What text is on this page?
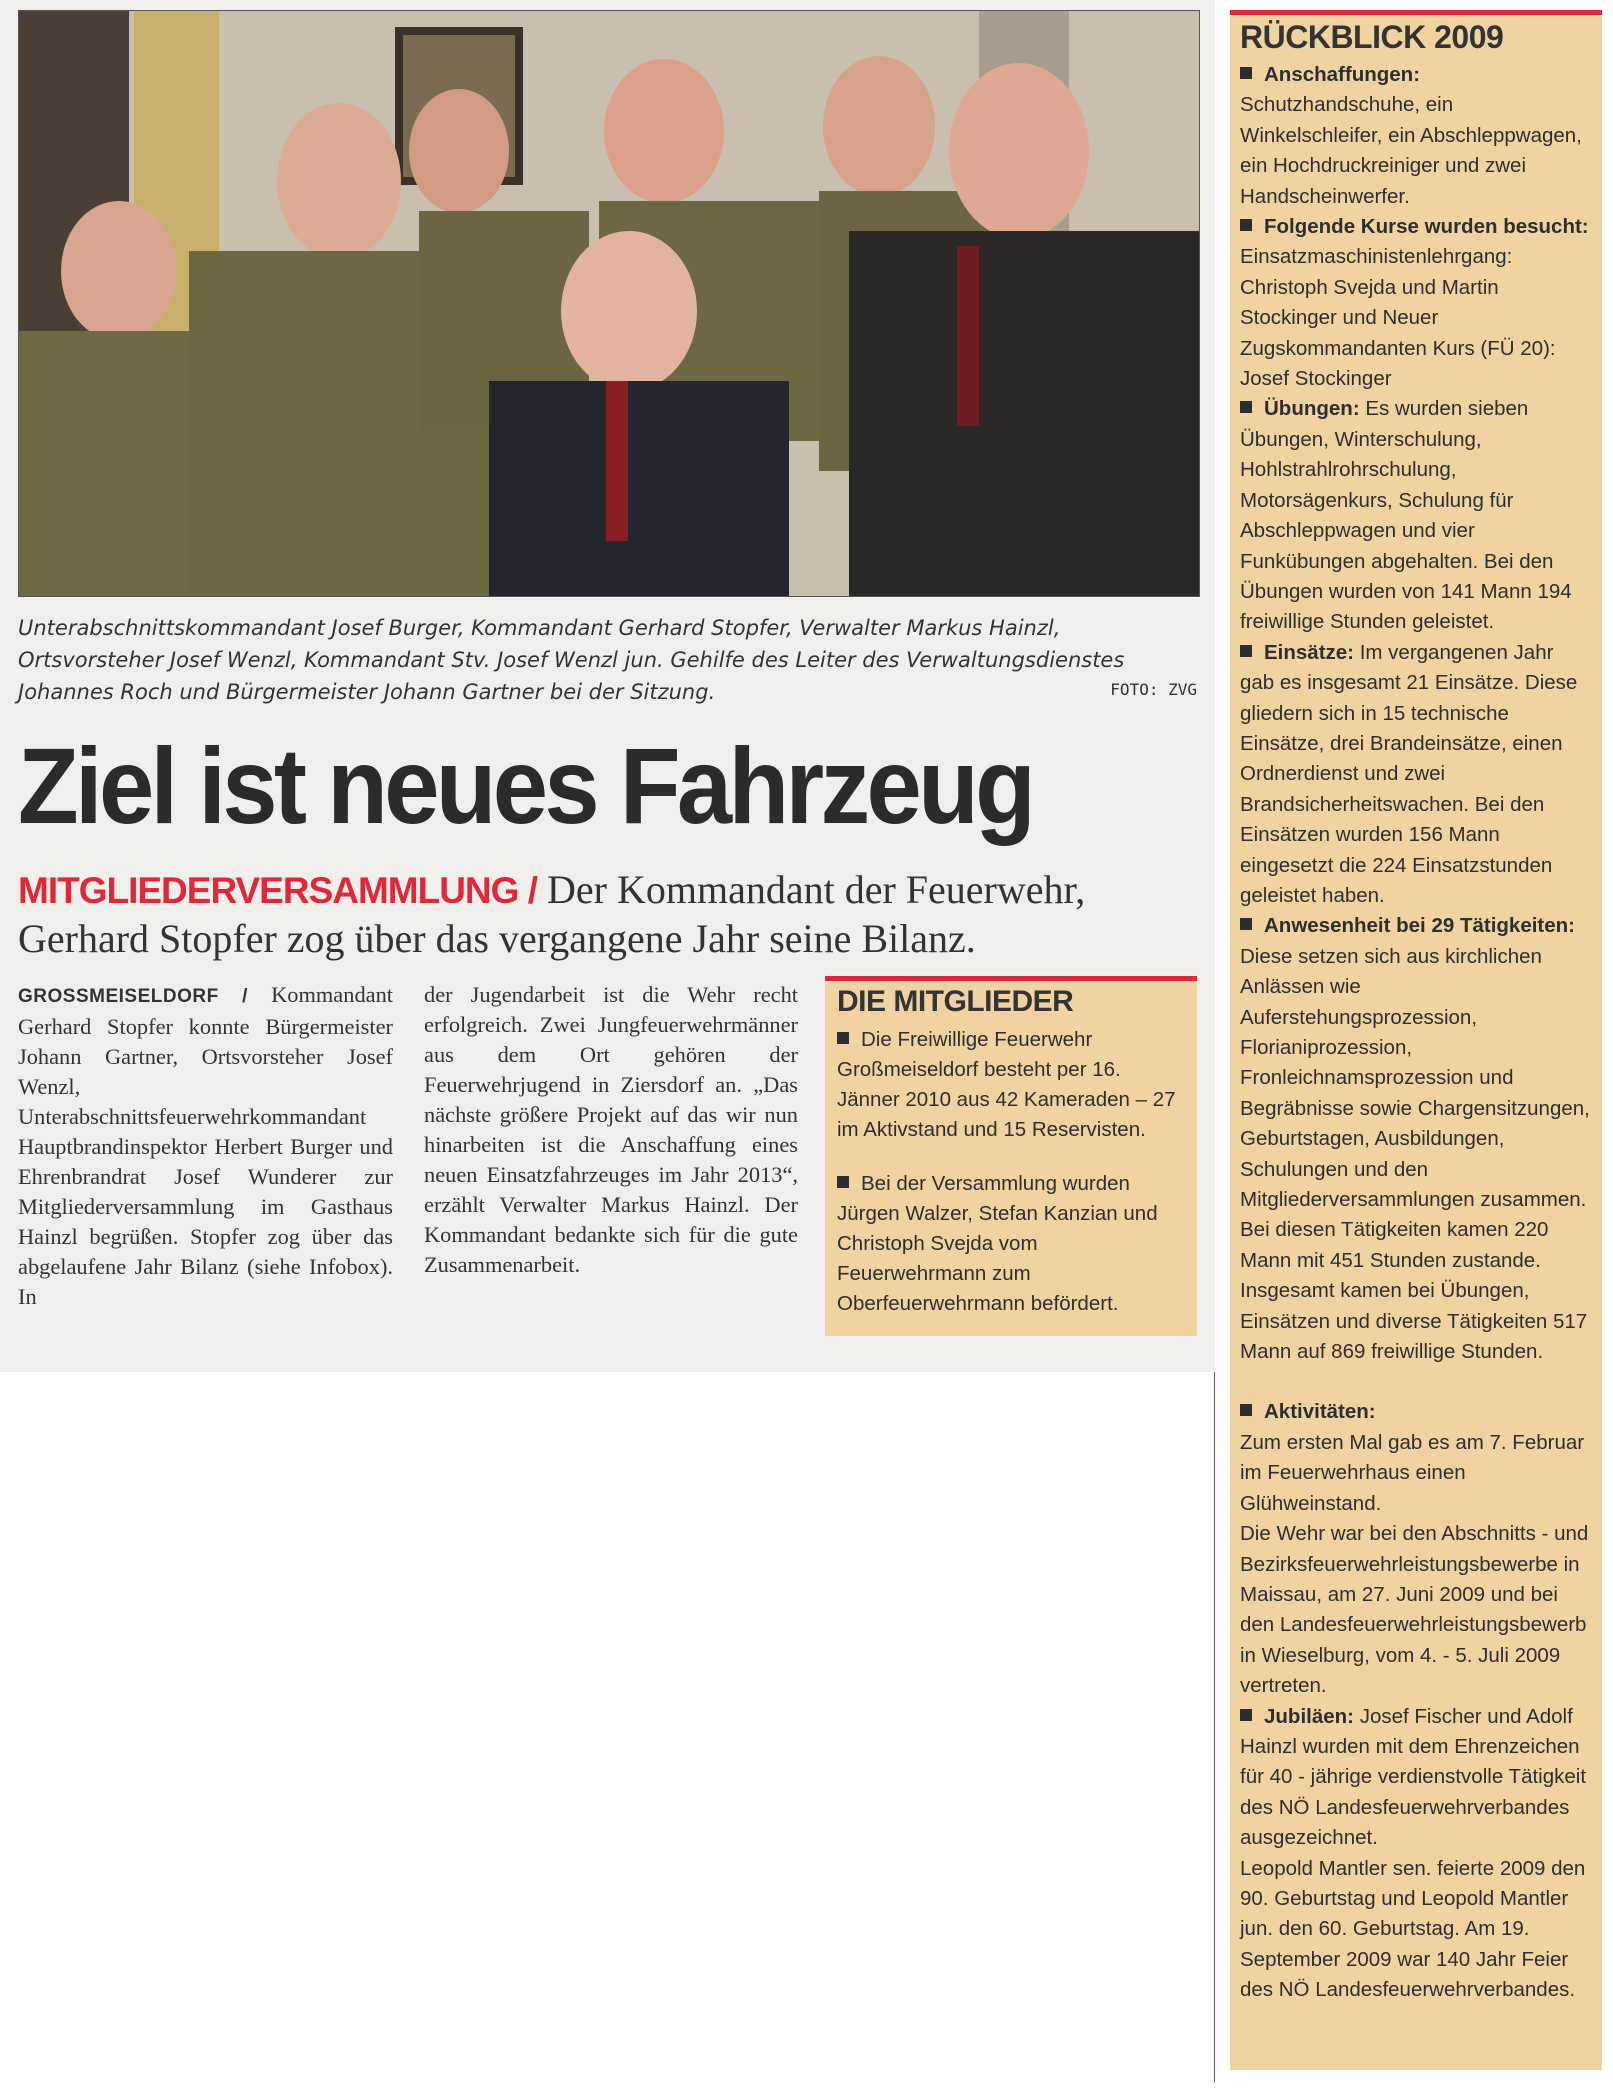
Unterabschnittskommandant Josef Burger, Kommandant Gerhard Stopfer, Verwalter Markus Hainzl, Ortsvorsteher Josef Wenzl, Kommandant Stv. Josef Wenzl jun. Gehilfe des Leiter des Verwaltungsdienstes Johannes Roch und Bürgermeister Johann Gartner bei der Sitzung.	FOTO: ZVG
Ziel ist neues Fahrzeug
MITGLIEDERVERSAMMLUNG / Der Kommandant der Feuerwehr, Gerhard Stopfer zog über das vergangene Jahr seine Bilanz.
GROSSMEISELDORF / Kommandant Gerhard Stopfer konnte Bürgermeister Johann Gartner, Ortsvorsteher Josef Wenzl, Unterabschnittsfeuerwehrkommandant Hauptbrandinspektor Herbert Burger und Ehrenbrandrat Josef Wunderer zur Mitgliederversammlung im Gasthaus Hainzl begrüßen. Stopfer zog über das abgelaufene Jahr Bilanz (siehe Infobox). In
der Jugendarbeit ist die Wehr recht erfolgreich. Zwei Jungfeuerwehrmänner aus dem Ort gehören der Feuerwehrjugend in Ziersdorf an. „Das nächste größere Projekt auf das wir nun hinarbeiten ist die Anschaffung eines neuen Einsatzfahrzeuges im Jahr 2013“, erzählt Verwalter Markus Hainzl. Der Kommandant bedankte sich für die gute Zusammenarbeit.
DIE MITGLIEDER

Die Freiwillige Feuerwehr Großmeiseldorf besteht per 16. Jänner 2010 aus 42 Kameraden – 27 im Aktivstand und 15 Reservisten.

Bei der Versammlung wurden Jürgen Walzer, Stefan Kanzian und Christoph Svejda vom Feuerwehrmann zum Oberfeuerwehrmann befördert.

RÜCKBLICK 2009

Anschaffungen: Schutzhandschuhe, ein Winkelschleifer, ein Abschleppwagen, ein Hochdruckreiniger und zwei Handscheinwerfer.

Folgende Kurse wurden besucht: Einsatzmaschinistenlehrgang: Christoph Svejda und Martin Stockinger und Neuer Zugskommandanten Kurs (FÜ 20): Josef Stockinger

Übungen: Es wurden sieben Übungen, Winterschulung, Hohlstrahlrohrschulung, Motorsägenkurs, Schulung für Abschleppwagen und vier Funkübungen abgehalten. Bei den Übungen wurden von 141 Mann 194 freiwillige Stunden geleistet.

Einsätze: Im vergangenen Jahr gab es insgesamt 21 Einsätze. Diese gliedern sich in 15 technische Einsätze, drei Brandeinsätze, einen Ordnerdienst und zwei Brandsicherheitswachen. Bei den Einsätzen wurden 156 Mann eingesetzt die 224 Einsatzstunden geleistet haben.

Anwesenheit bei 29 Tätigkeiten: Diese setzen sich aus kirchlichen Anlässen wie Auferstehungsprozession, Florianiprozession, Fronleichnamsprozession und Begräbnisse sowie Chargensitzungen, Geburtstagen, Ausbildungen, Schulungen und den Mitgliederversammlungen zusammen. Bei diesen Tätigkeiten kamen 220 Mann mit 451 Stunden zustande. Insgesamt kamen bei Übungen, Einsätzen und diverse Tätigkeiten 517 Mann auf 869 freiwillige Stunden.

Aktivitäten:

Zum ersten Mal gab es am 7. Februar im Feuerwehrhaus einen Glühweinstand.

Die Wehr war bei den Abschnitts - und Bezirksfeuerwehrleistungsbewerbe in Maissau, am 27. Juni 2009 und bei den Landesfeuerwehrleistungsbewerb in Wieselburg, vom 4. - 5. Juli 2009 vertreten.

Jubiläen: Josef Fischer und Adolf Hainzl wurden mit dem Ehrenzeichen für 40 - jährige verdienstvolle Tätigkeit des NÖ Landesfeuerwehrverbandes ausgezeichnet.

Leopold Mantler sen. feierte 2009 den 90. Geburtstag und Leopold Mantler jun. den 60. Geburtstag. Am 19. September 2009 war 140 Jahr Feier des NÖ Landesfeuerwehrverbandes.
